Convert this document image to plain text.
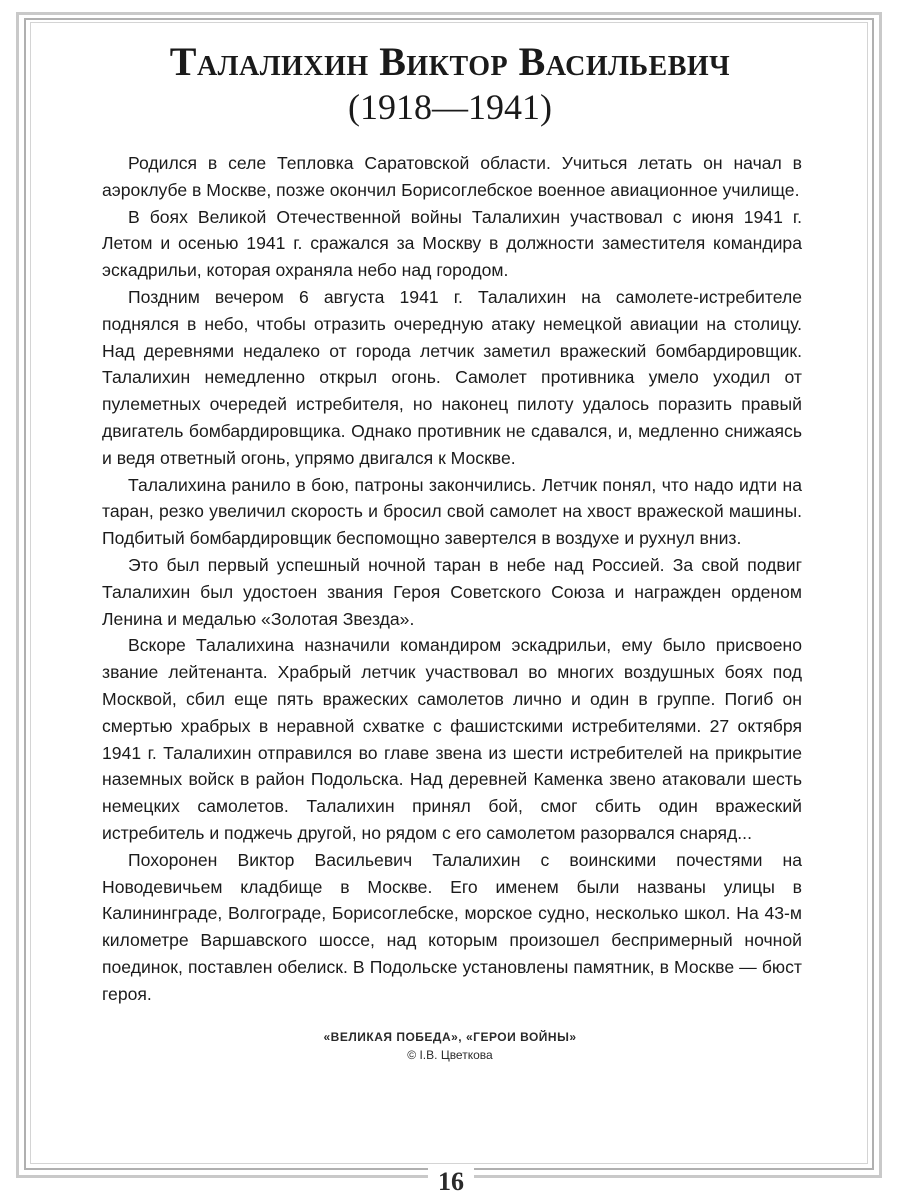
Талалихин Виктор Васильевич
(1918—1941)

Родился в селе Тепловка Саратовской области. Учиться летать он начал в аэроклубе в Москве, позже окончил Борисоглебское военное авиационное училище.

В боях Великой Отечественной войны Талалихин участвовал с июня 1941 г. Летом и осенью 1941 г. сражался за Москву в должности заместителя командира эскадрильи, которая охраняла небо над городом.

Поздним вечером 6 августа 1941 г. Талалихин на самолете-истребителе поднялся в небо, чтобы отразить очередную атаку немецкой авиации на столицу. Над деревнями недалеко от города летчик заметил вражеский бомбардировщик. Талалихин немедленно открыл огонь. Самолет противника умело уходил от пулеметных очередей истребителя, но наконец пилоту удалось поразить правый двигатель бомбардировщика. Однако противник не сдавался, и, медленно снижаясь и ведя ответный огонь, упрямо двигался к Москве.

Талалихина ранило в бою, патроны закончились. Летчик понял, что надо идти на таран, резко увеличил скорость и бросил свой самолет на хвост вражеской машины. Подбитый бомбардировщик беспомощно завертелся в воздухе и рухнул вниз.

Это был первый успешный ночной таран в небе над Россией. За свой подвиг Талалихин был удостоен звания Героя Советского Союза и награжден орденом Ленина и медалью «Золотая Звезда».

Вскоре Талалихина назначили командиром эскадрильи, ему было присвоено звание лейтенанта. Храбрый летчик участвовал во многих воздушных боях под Москвой, сбил еще пять вражеских самолетов лично и один в группе. Погиб он смертью храбрых в неравной схватке с фашистскими истребителями. 27 октября 1941 г. Талалихин отправился во главе звена из шести истребителей на прикрытие наземных войск в район Подольска. Над деревней Каменка звено атаковали шесть немецких самолетов. Талалихин принял бой, смог сбить один вражеский истребитель и поджечь другой, но рядом с его самолетом разорвался снаряд...

Похоронен Виктор Васильевич Талалихин с воинскими почестями на Новодевичьем кладбище в Москве. Его именем были названы улицы в Калининграде, Волгограде, Борисоглебске, морское судно, несколько школ. На 43-м километре Варшавского шоссе, над которым произошел беспримерный ночной поединок, поставлен обелиск. В Подольске установлены памятник, в Москве — бюст героя.

«ВЕЛИКАЯ ПОБЕДА», «ГЕРОИ ВОЙНЫ»
© I.B. Цветкова
16
